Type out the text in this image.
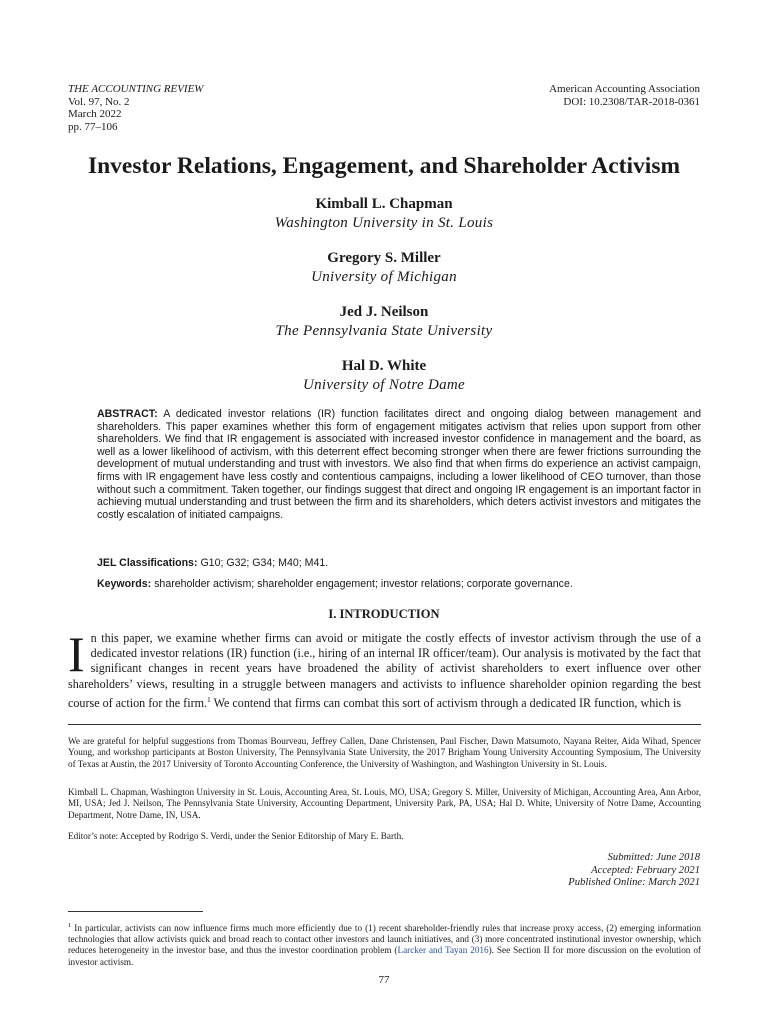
THE ACCOUNTING REVIEW
Vol. 97, No. 2
March 2022
pp. 77–106
American Accounting Association
DOI: 10.2308/TAR-2018-0361
Investor Relations, Engagement, and Shareholder Activism
Kimball L. Chapman
Washington University in St. Louis
Gregory S. Miller
University of Michigan
Jed J. Neilson
The Pennsylvania State University
Hal D. White
University of Notre Dame
ABSTRACT: A dedicated investor relations (IR) function facilitates direct and ongoing dialog between management and shareholders. This paper examines whether this form of engagement mitigates activism that relies upon support from other shareholders. We find that IR engagement is associated with increased investor confidence in management and the board, as well as a lower likelihood of activism, with this deterrent effect becoming stronger when there are fewer frictions surrounding the development of mutual understanding and trust with investors. We also find that when firms do experience an activist campaign, firms with IR engagement have less costly and contentious campaigns, including a lower likelihood of CEO turnover, than those without such a commitment. Taken together, our findings suggest that direct and ongoing IR engagement is an important factor in achieving mutual understanding and trust between the firm and its shareholders, which deters activist investors and mitigates the costly escalation of initiated campaigns.
JEL Classifications: G10; G32; G34; M40; M41.
Keywords: shareholder activism; shareholder engagement; investor relations; corporate governance.
I. INTRODUCTION
In this paper, we examine whether firms can avoid or mitigate the costly effects of investor activism through the use of a dedicated investor relations (IR) function (i.e., hiring of an internal IR officer/team). Our analysis is motivated by the fact that significant changes in recent years have broadened the ability of activist shareholders to exert influence over other shareholders’ views, resulting in a struggle between managers and activists to influence shareholder opinion regarding the best course of action for the firm.$^1$ We contend that firms can combat this sort of activism through a dedicated IR function, which is
We are grateful for helpful suggestions from Thomas Bourveau, Jeffrey Callen, Dane Christensen, Paul Fischer, Dawn Matsumoto, Nayana Reiter, Aida Wihad, Spencer Young, and workshop participants at Boston University, The Pennsylvania State University, the 2017 Brigham Young University Accounting Symposium, The University of Texas at Austin, the 2017 University of Toronto Accounting Conference, the University of Washington, and Washington University in St. Louis.
Kimball L. Chapman, Washington University in St. Louis, Accounting Area, St. Louis, MO, USA; Gregory S. Miller, University of Michigan, Accounting Area, Ann Arbor, MI, USA; Jed J. Neilson, The Pennsylvania State University, Accounting Department, University Park, PA, USA; Hal D. White, University of Notre Dame, Accounting Department, Notre Dame, IN, USA.
Editor’s note: Accepted by Rodrigo S. Verdi, under the Senior Editorship of Mary E. Barth.
Submitted: June 2018
Accepted: February 2021
Published Online: March 2021
$^1$ In particular, activists can now influence firms much more efficiently due to (1) recent shareholder-friendly rules that increase proxy access, (2) emerging information technologies that allow activists quick and broad reach to contact other investors and launch initiatives, and (3) more concentrated institutional investor ownership, which reduces heterogeneity in the investor base, and thus the investor coordination problem (Larcker and Tayan 2016). See Section II for more discussion on the evolution of investor activism.
77
